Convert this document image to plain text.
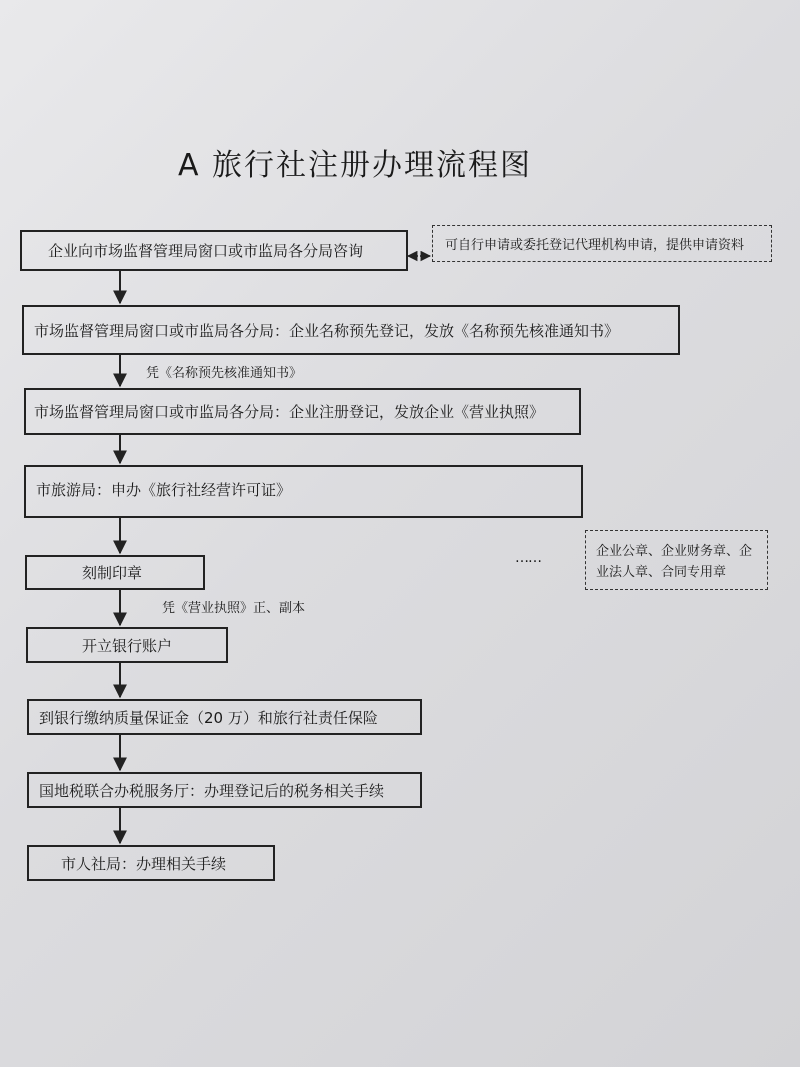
A 旅行社注册办理流程图
企业向市场监督管理局窗口或市监局各分局咨询	可自行申请或委托登记代理机构申请，提供申请资料
市场监督管理局窗口或市监局各分局：企业名称预先登记，发放《名称预先核准通知书》
凭《名称预先核准通知书》
市场监督管理局窗口或市监局各分局：企业注册登记，发放企业《营业执照》
市旅游局：申办《旅行社经营许可证》
刻制印章
……	企业公章、企业财务章、企
业法人章、合同专用章
凭《营业执照》正、副本
开立银行账户
到银行缴纳质量保证金（20 万）和旅行社责任保险
国地税联合办税服务厅：办理登记后的税务相关手续
市人社局：办理相关手续
